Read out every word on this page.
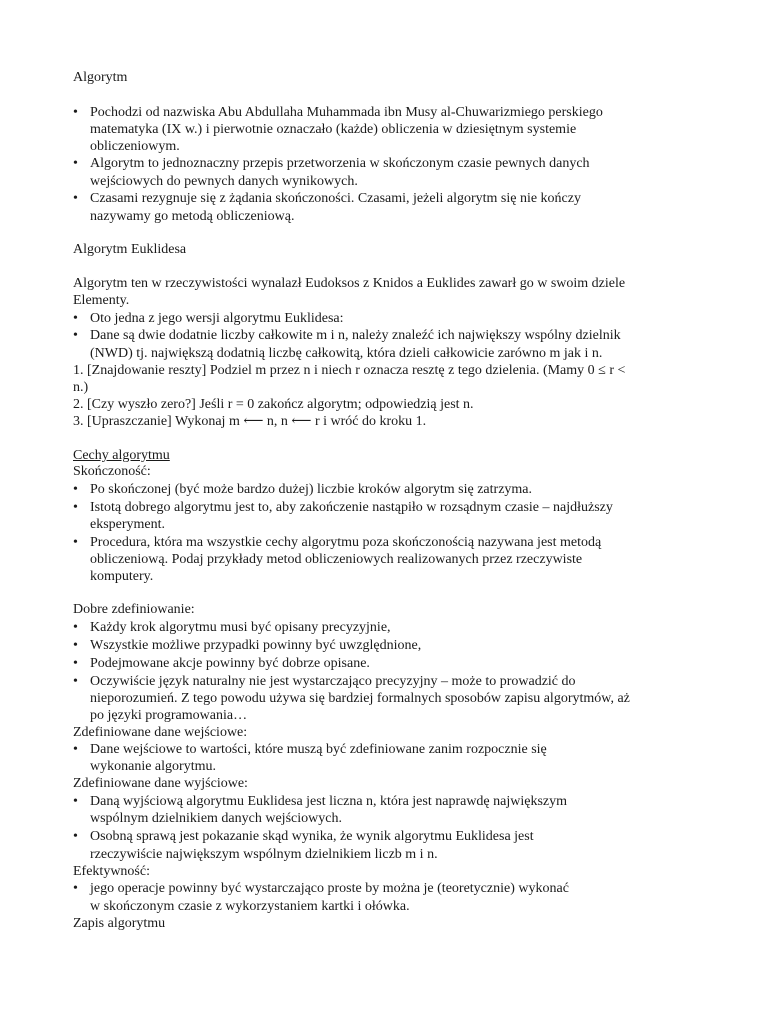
Algorytm
• Pochodzi od nazwiska Abu Abdullaha Muhammada ibn Musy al-Chuwarizmiego perskiego
matematyka (IX w.) i pierwotnie oznaczało (każde) obliczenia w dziesiętnym systemie
obliczeniowym.
• Algorytm to jednoznaczny przepis przetworzenia w skończonym czasie pewnych danych
wejściowych do pewnych danych wynikowych.
• Czasami rezygnuje się z żądania skończoności. Czasami, jeżeli algorytm się nie kończy
nazywamy go metodą obliczeniową.
Algorytm Euklidesa
Algorytm ten w rzeczywistości wynalazł Eudoksos z Knidos a Euklides zawarł go w swoim dziele
Elementy.
• Oto jedna z jego wersji algorytmu Euklidesa:
• Dane są dwie dodatnie liczby całkowite m i n, należy znaleźć ich największy wspólny dzielnik
(NWD) tj. największą dodatnią liczbę całkowitą, która dzieli całkowicie zarówno m jak i n.
1. [Znajdowanie reszty] Podziel m przez n i niech r oznacza resztę z tego dzielenia. (Mamy 0 ≤ r <
n.)
2. [Czy wyszło zero?] Jeśli r = 0 zakończ algorytm; odpowiedzią jest n.
3. [Upraszczanie] Wykonaj m ⟵ n, n ⟵ r i wróć do kroku 1.
Cechy algorytmu
Skończoność:
• Po skończonej (być może bardzo dużej) liczbie kroków algorytm się zatrzyma.
• Istotą dobrego algorytmu jest to, aby zakończenie nastąpiło w rozsądnym czasie – najdłuższy
eksperyment.
• Procedura, która ma wszystkie cechy algorytmu poza skończonością nazywana jest metodą
obliczeniową. Podaj przykłady metod obliczeniowych realizowanych przez rzeczywiste
komputery.
Dobre zdefiniowanie:
• Każdy krok algorytmu musi być opisany precyzyjnie,
• Wszystkie możliwe przypadki powinny być uwzględnione,
• Podejmowane akcje powinny być dobrze opisane.
• Oczywiście język naturalny nie jest wystarczająco precyzyjny – może to prowadzić do
nieporozumień. Z tego powodu używa się bardziej formalnych sposobów zapisu algorytmów, aż
po języki programowania…
Zdefiniowane dane wejściowe:
• Dane wejściowe to wartości, które muszą być zdefiniowane zanim rozpocznie się
wykonanie algorytmu.
Zdefiniowane dane wyjściowe:
• Daną wyjściową algorytmu Euklidesa jest liczna n, która jest naprawdę największym
wspólnym dzielnikiem danych wejściowych.
• Osobną sprawą jest pokazanie skąd wynika, że wynik algorytmu Euklidesa jest
rzeczywiście największym wspólnym dzielnikiem liczb m i n.
Efektywność:
• jego operacje powinny być wystarczająco proste by można je (teoretycznie) wykonać
w skończonym czasie z wykorzystaniem kartki i ołówka.
Zapis algorytmu
